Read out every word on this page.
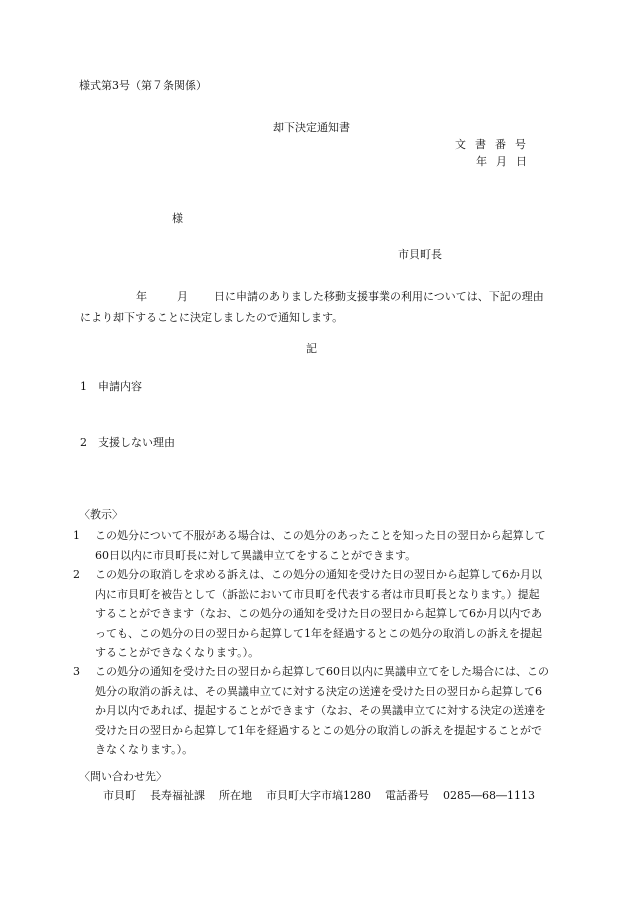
様式第3号（第７条関係）
却下決定通知書
文書番号
年月日
様
市貝町長
年	月 日に申請のありました移動支援事業の利用については、下記の理由により却下することに決定しましたので通知します。
記
1 申請内容
2 支援しない理由
〈教示〉
1	この処分について不服がある場合は、この処分のあったことを知った日の翌日から起算して60日以内に市貝町長に対して異議申立てをすることができます。
2	この処分の取消しを求める訴えは、この処分の通知を受けた日の翌日から起算して6か月以内に市貝町を被告として（訴訟において市貝町を代表する者は市貝町長となります。）提起することができます（なお、この処分の通知を受けた日の翌日から起算して6か月以内であっても、この処分の日の翌日から起算して1年を経過するとこの処分の取消しの訴えを提起することができなくなります。）。
3	この処分の通知を受けた日の翌日から起算して60日以内に異議申立てをした場合には、この処分の取消の訴えは、その異議申立てに対する決定の送達を受けた日の翌日から起算して6か月以内であれば、提起することができます（なお、その異議申立てに対する決定の送達を受けた日の翌日から起算して1年を経過するとこの処分の取消しの訴えを提起することができなくなります。）。
〈問い合わせ先〉
市貝町 長寿福祉課 所在地 市貝町大字市塙1280 電話番号 0285―68―1113
